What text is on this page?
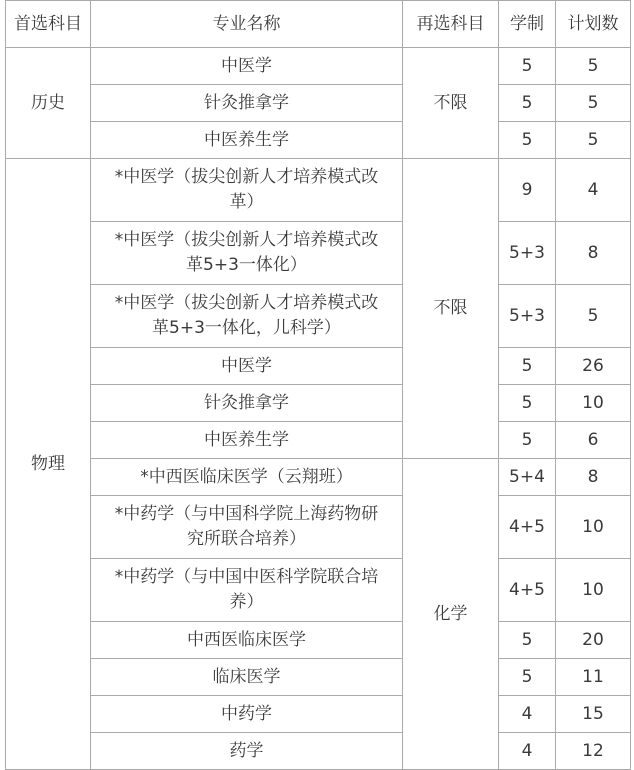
首选科目	专业名称	再选科目	学制	计划数
历史	中医学	不限	5	5
	针灸推拿学		5	5
	中医养生学		5	5
物理	*中医学（拔尖创新人才培养模式改革）	不限	9	4
	*中医学（拔尖创新人才培养模式改革5+3一体化）		5+3	8
	*中医学（拔尖创新人才培养模式改革5+3一体化，儿科学）		5+3	5
	中医学		5	26
	针灸推拿学		5	10
	中医养生学		5	6
	*中西医临床医学（云翔班）	化学	5+4	8
	*中药学（与中国科学院上海药物研究所联合培养）		4+5	10
	*中药学（与中国中医科学院联合培养）		4+5	10
	中西医临床医学		5	20
	临床医学		5	11
	中药学		4	15
	药学		4	12
